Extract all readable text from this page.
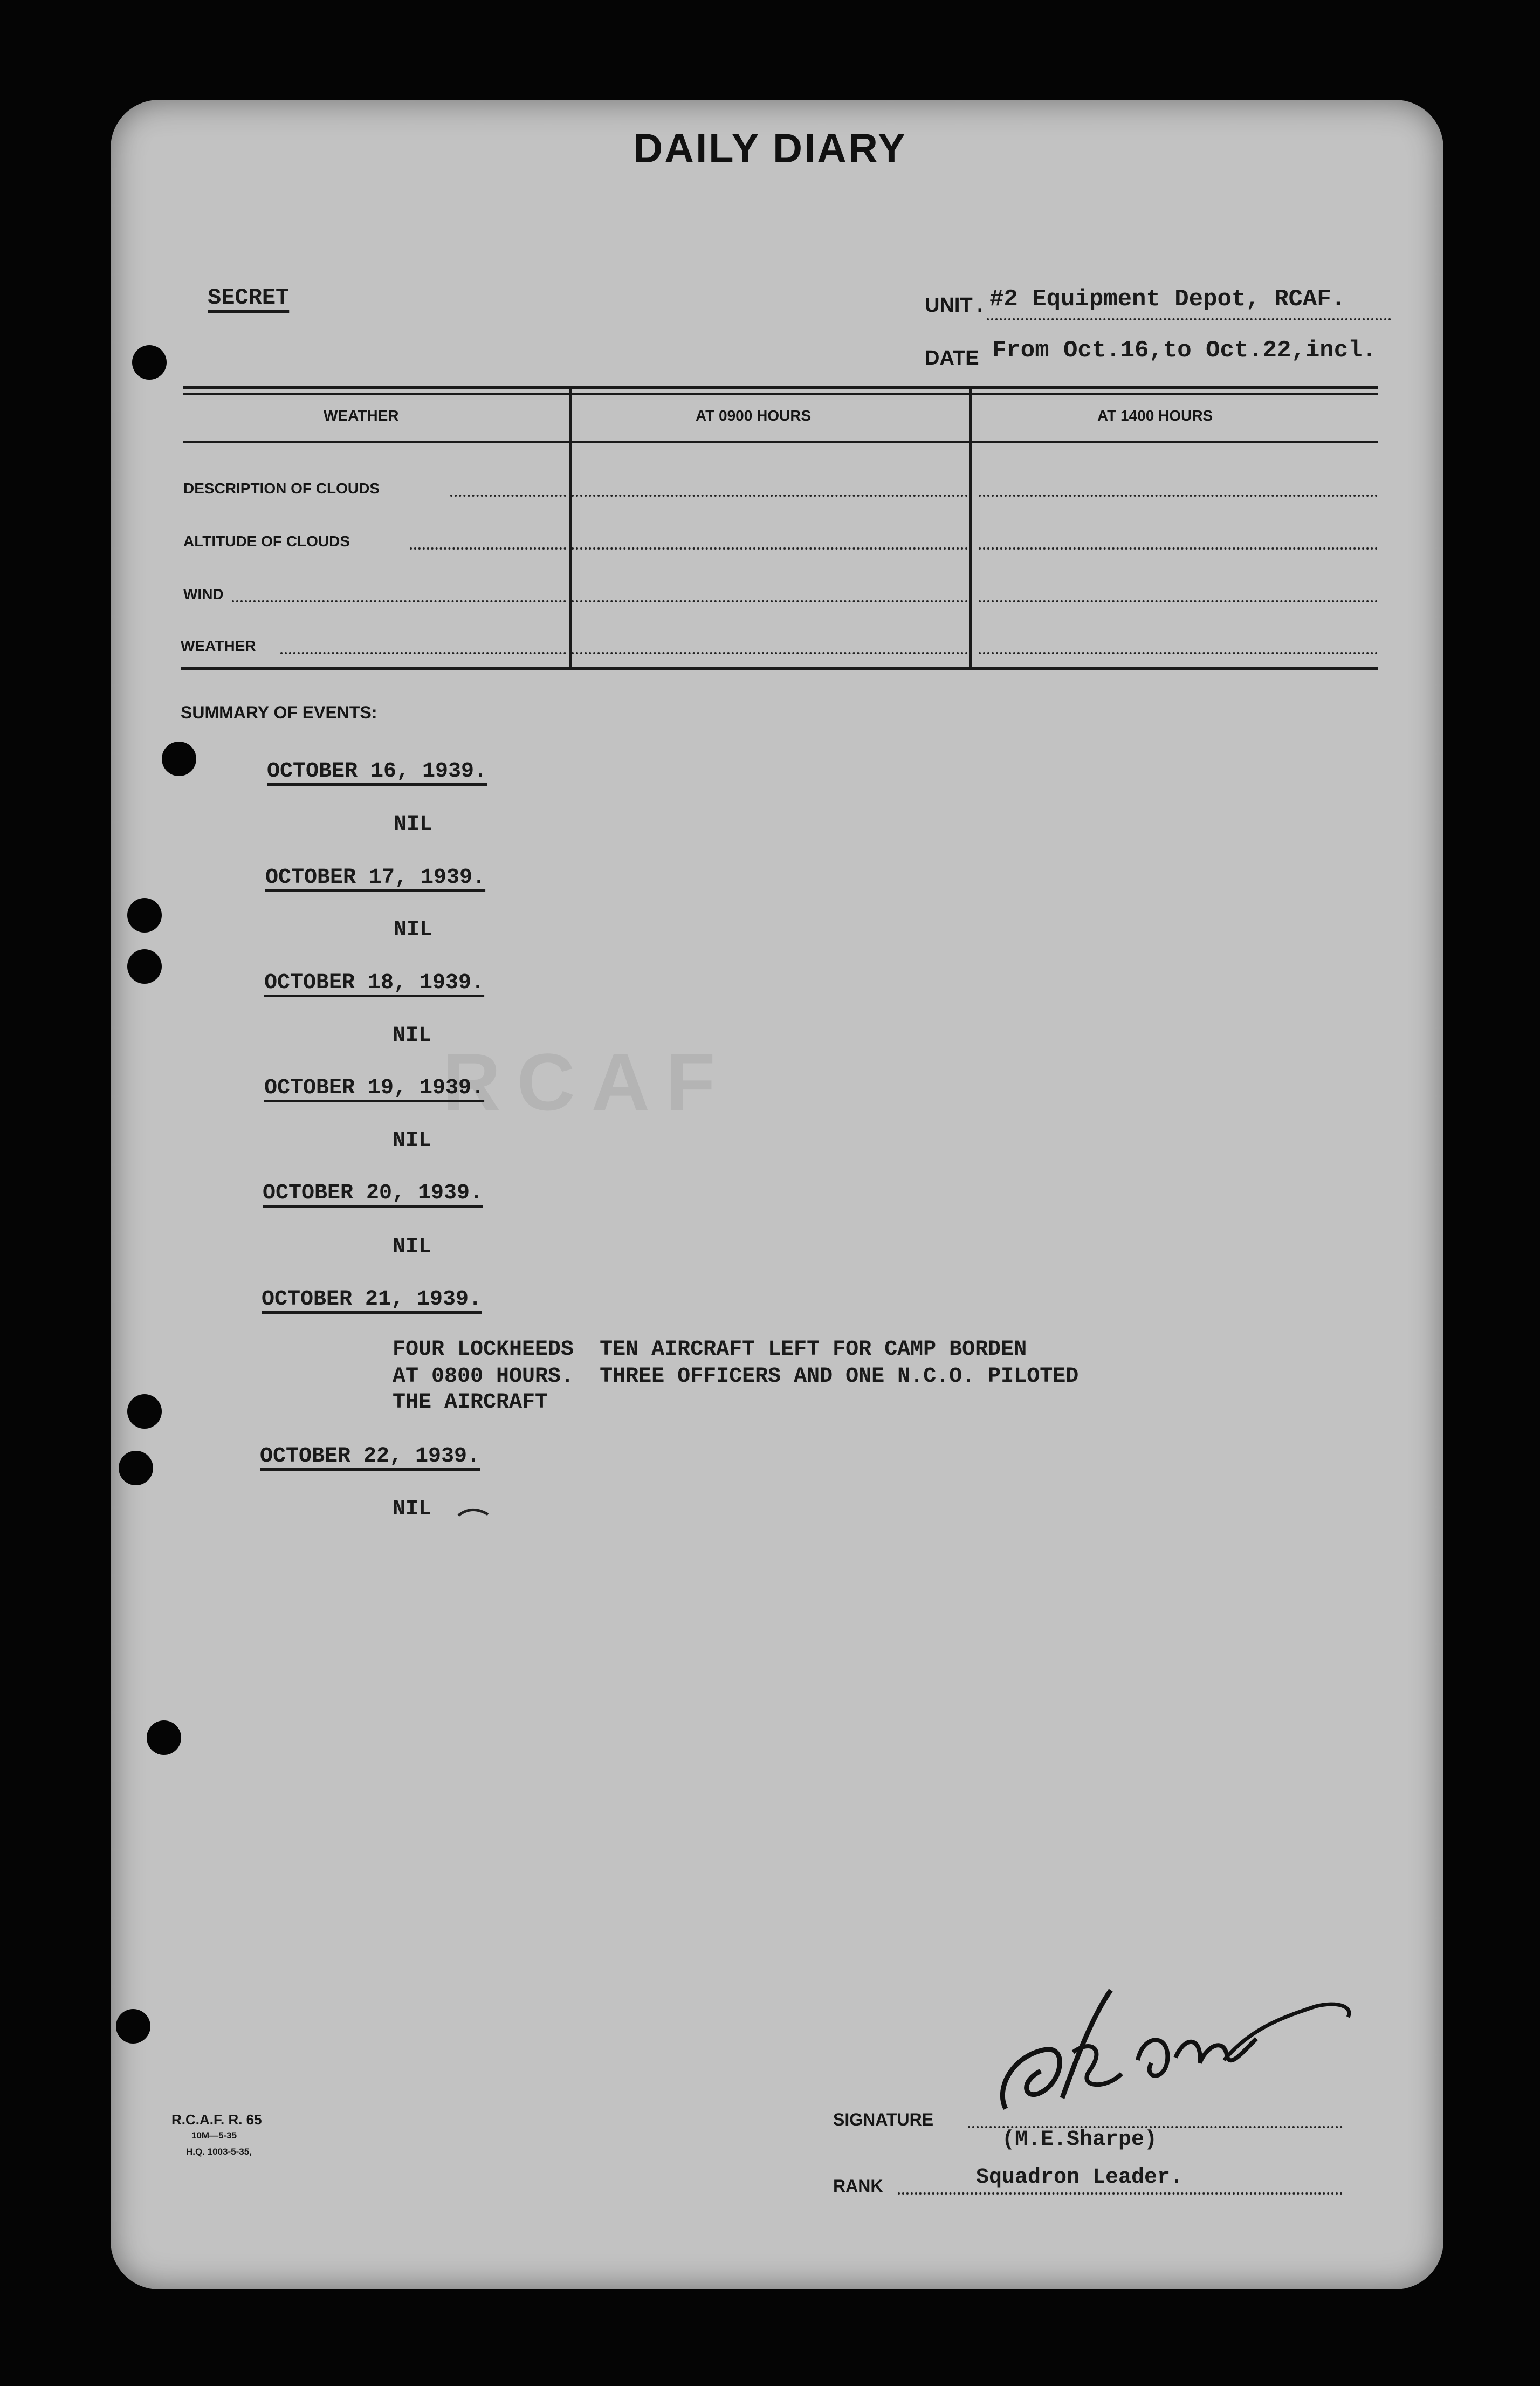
RCAF
DAILY DIARY
SECRET	UNIT . #2 Equipment Depot, RCAF.
DATE From Oct.16,to Oct.22,incl.
WEATHER	AT 0900 HOURS	AT 1400 HOURS
DESCRIPTION OF CLOUDS
ALTITUDE OF CLOUDS
WIND
WEATHER
SUMMARY OF EVENTS:
OCTOBER 16, 1939.
NIL
OCTOBER 17, 1939.
NIL
OCTOBER 18, 1939.
NIL
OCTOBER 19, 1939.
NIL
OCTOBER 20, 1939.
NIL
OCTOBER 21, 1939.
FOUR LOCKHEEDS  TEN AIRCRAFT LEFT FOR CAMP BORDEN
AT 0800 HOURS.  THREE OFFICERS AND ONE N.C.O. PILOTED
THE AIRCRAFT
OCTOBER 22, 1939.
NIL
R.C.A.F. R. 65
10M—5-35
H.Q. 1003-5-35,
SIGNATURE
(M.E.Sharpe)
RANK	Squadron Leader.
